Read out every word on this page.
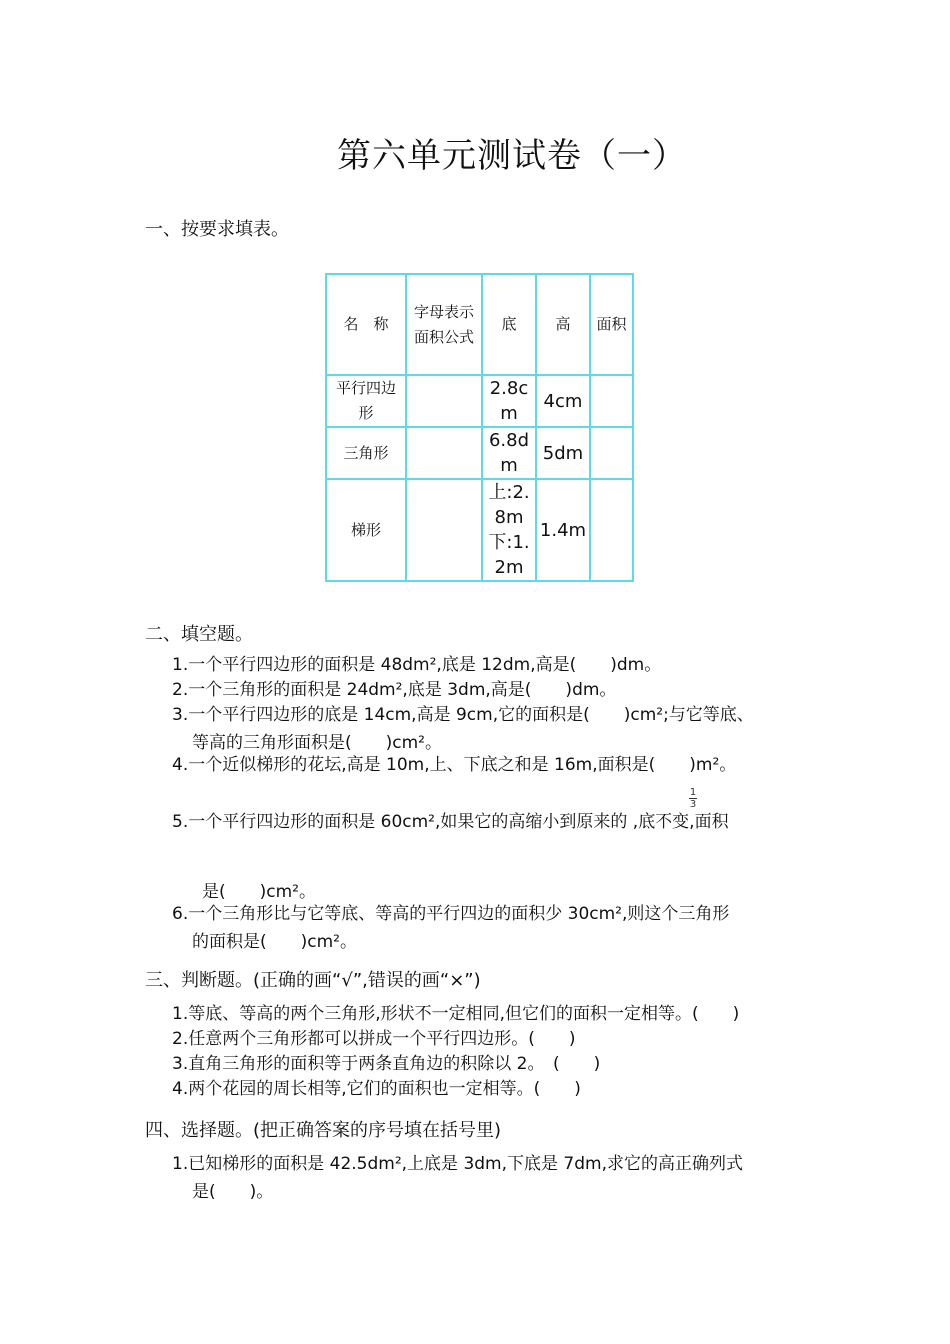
第六单元测试卷（一）
一、按要求填表。
名　称	字母表示面积公式	底	高	面积
平行四边形		2.8cm	4cm	
三角形		6.8dm	5dm	
梯形		上:2.8m下:1.2m	1.4m	
二、填空题。
1.一个平行四边形的面积是 48dm²,底是 12dm,高是(　　)dm。
2.一个三角形的面积是 24dm²,底是 3dm,高是(　　)dm。
3.一个平行四边形的底是 14cm,高是 9cm,它的面积是(　　)cm²;与它等底、
等高的三角形面积是(　　)cm²。
4.一个近似梯形的花坛,高是 10m,上、下底之和是 16m,面积是(　　)m²。
1
3
5.一个平行四边形的面积是 60cm²,如果它的高缩小到原来的 ,底不变,面积
是(　　)cm²。
6.一个三角形比与它等底、等高的平行四边的面积少 30cm²,则这个三角形
的面积是(　　)cm²。
三、判断题。(正确的画“√”,错误的画“×”)
1.等底、等高的两个三角形,形状不一定相同,但它们的面积一定相等。(　　)
2.任意两个三角形都可以拼成一个平行四边形。(　　)
3.直角三角形的面积等于两条直角边的积除以 2。　(　　)
4.两个花园的周长相等,它们的面积也一定相等。(　　)
四、选择题。(把正确答案的序号填在括号里)
1.已知梯形的面积是 42.5dm²,上底是 3dm,下底是 7dm,求它的高正确列式
是(　　)。
